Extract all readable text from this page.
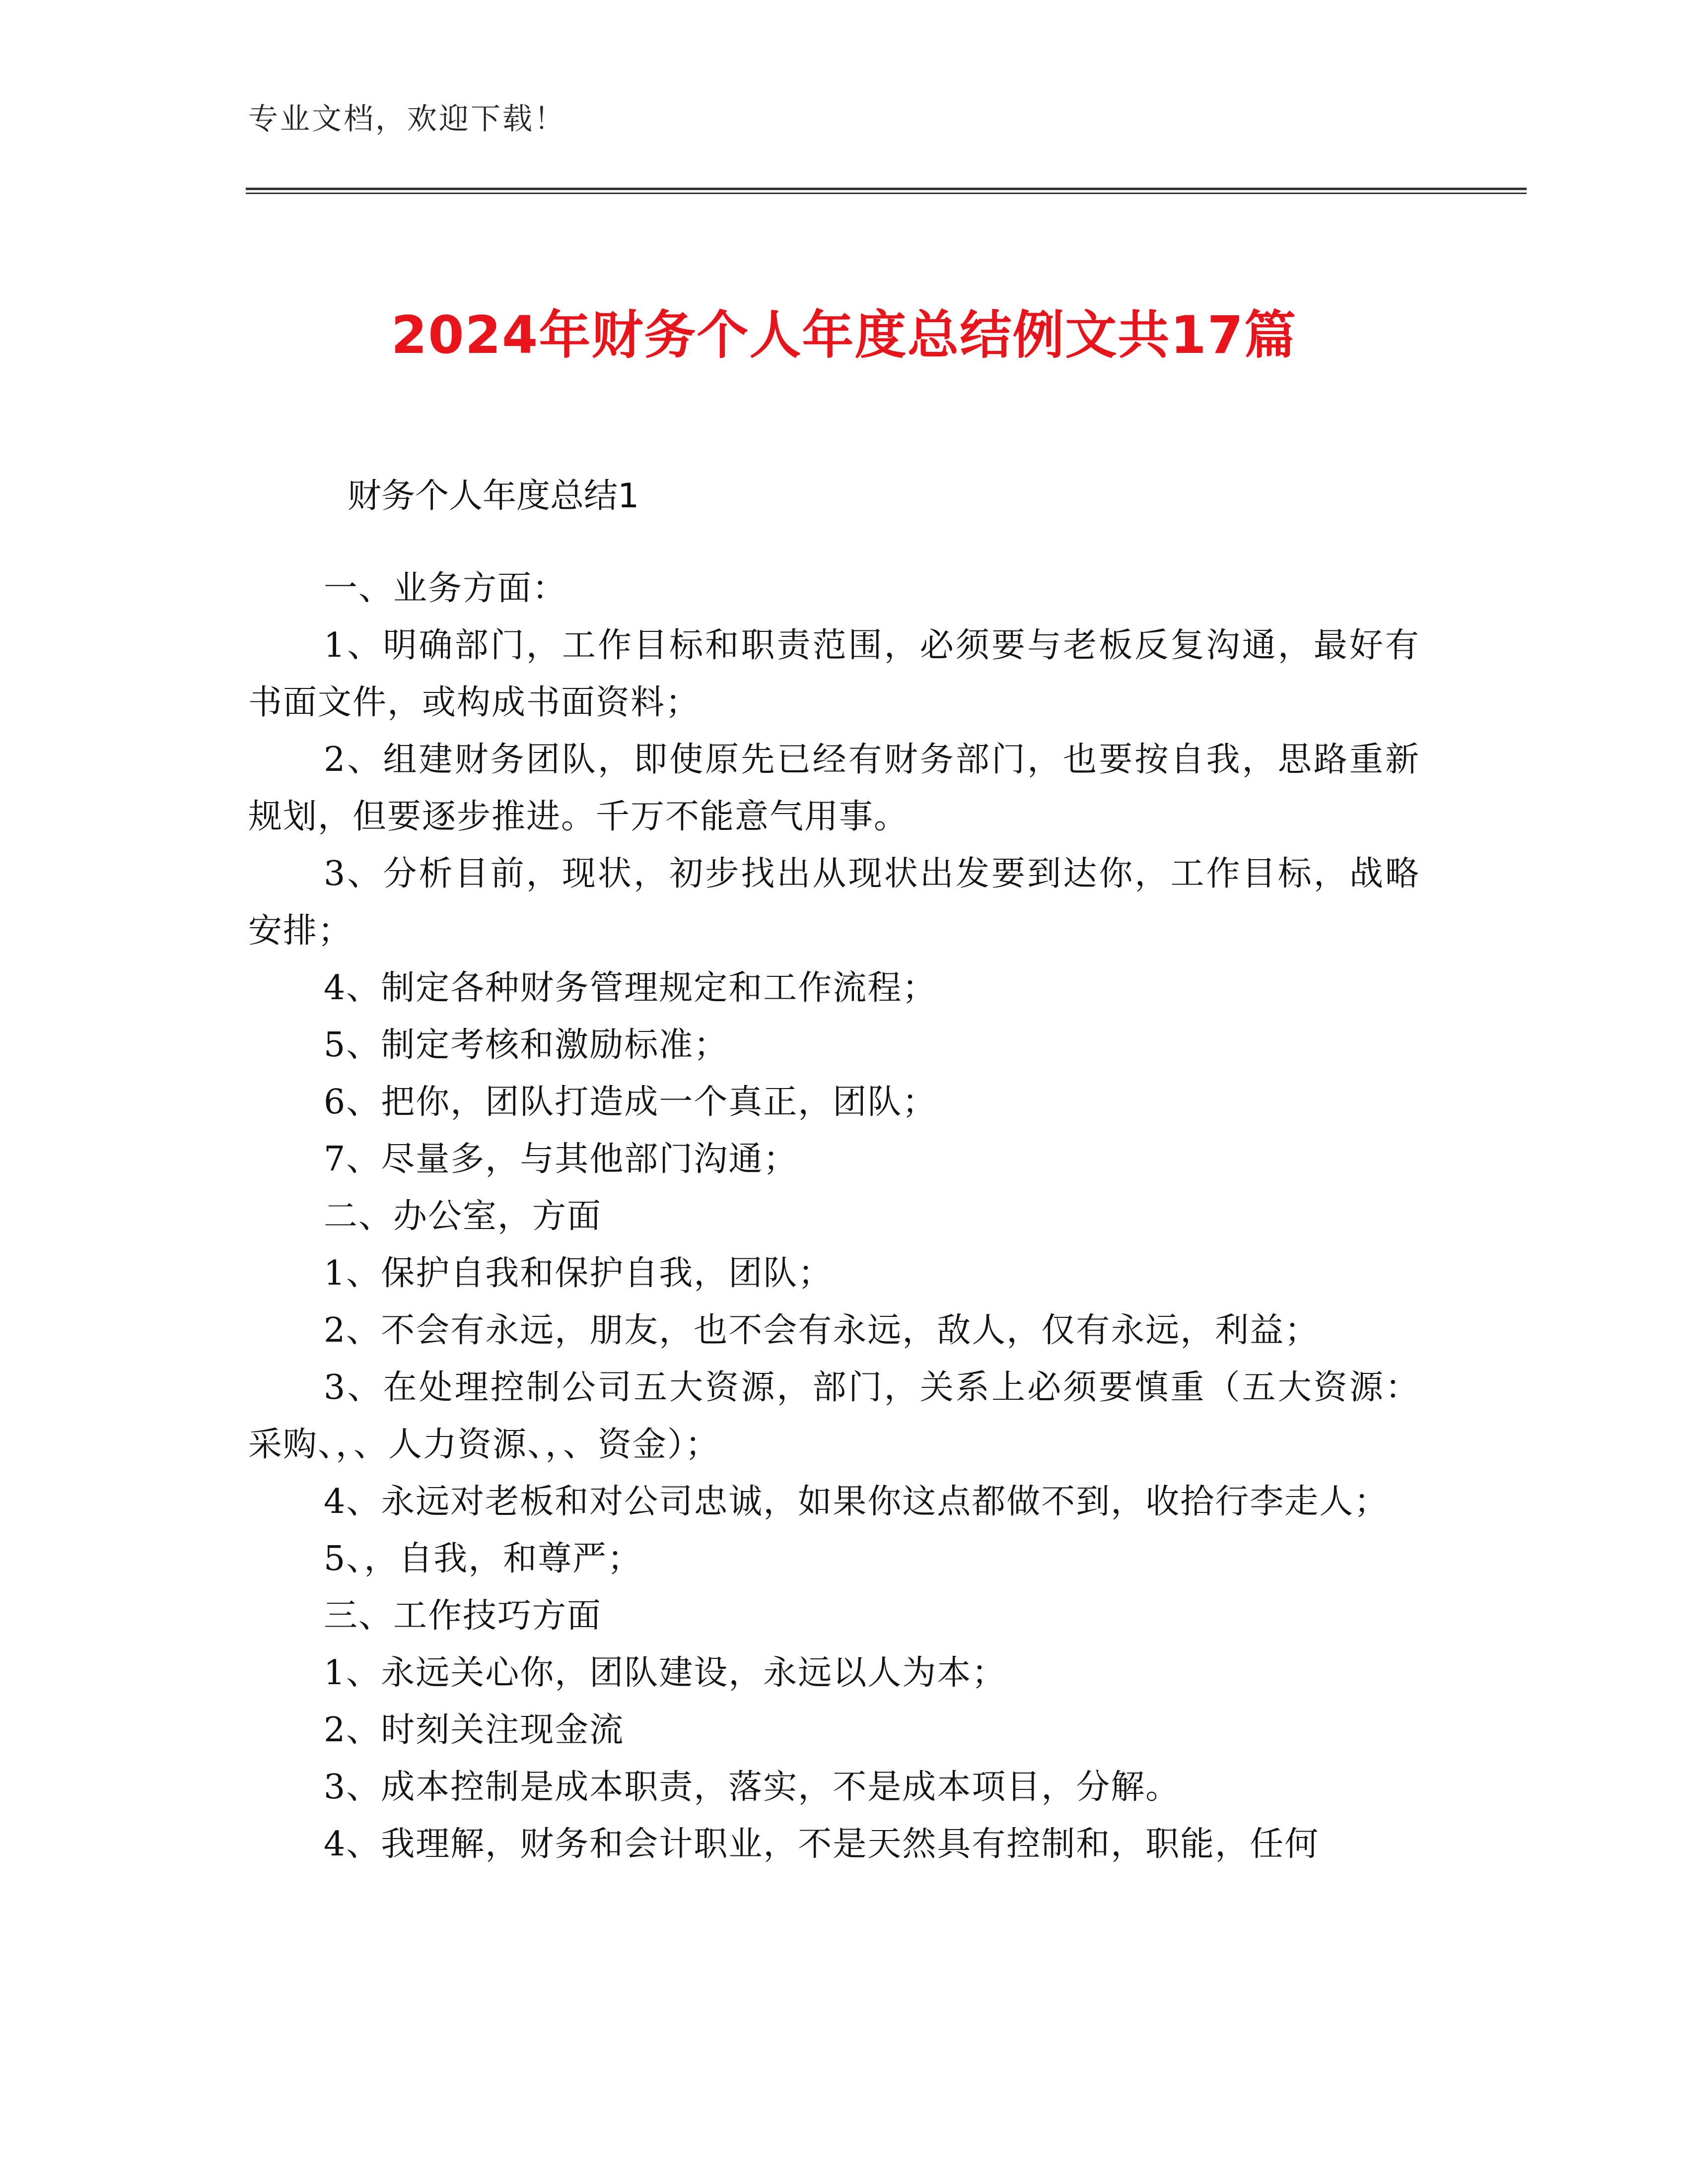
专业文档，欢迎下载！
2024年财务个人年度总结例文共17篇
财务个人年度总结1

一、业务方面：

1、明确部门，工作目标和职责范围，必须要与老板反复沟通，最好有书面文件，或构成书面资料；

2、组建财务团队，即使原先已经有财务部门，也要按自我，思路重新规划，但要逐步推进。千万不能意气用事。

3、分析目前，现状，初步找出从现状出发要到达你，工作目标，战略安排；

4、制定各种财务管理规定和工作流程；

5、制定考核和激励标准；

6、把你，团队打造成一个真正，团队；

7、尽量多，与其他部门沟通；

二、办公室，方面

1、保护自我和保护自我，团队；

2、不会有永远，朋友，也不会有永远，敌人，仅有永远，利益；

3、在处理控制公司五大资源，部门，关系上必须要慎重（五大资源：采购、，、人力资源、，、资金）；

4、永远对老板和对公司忠诚，如果你这点都做不到，收拾行李走人；

5、，自我，和尊严；

三、工作技巧方面

1、永远关心你，团队建设，永远以人为本；

2、时刻关注现金流

3、成本控制是成本职责，落实，不是成本项目，分解。

4、我理解，财务和会计职业，不是天然具有控制和，职能，任何
